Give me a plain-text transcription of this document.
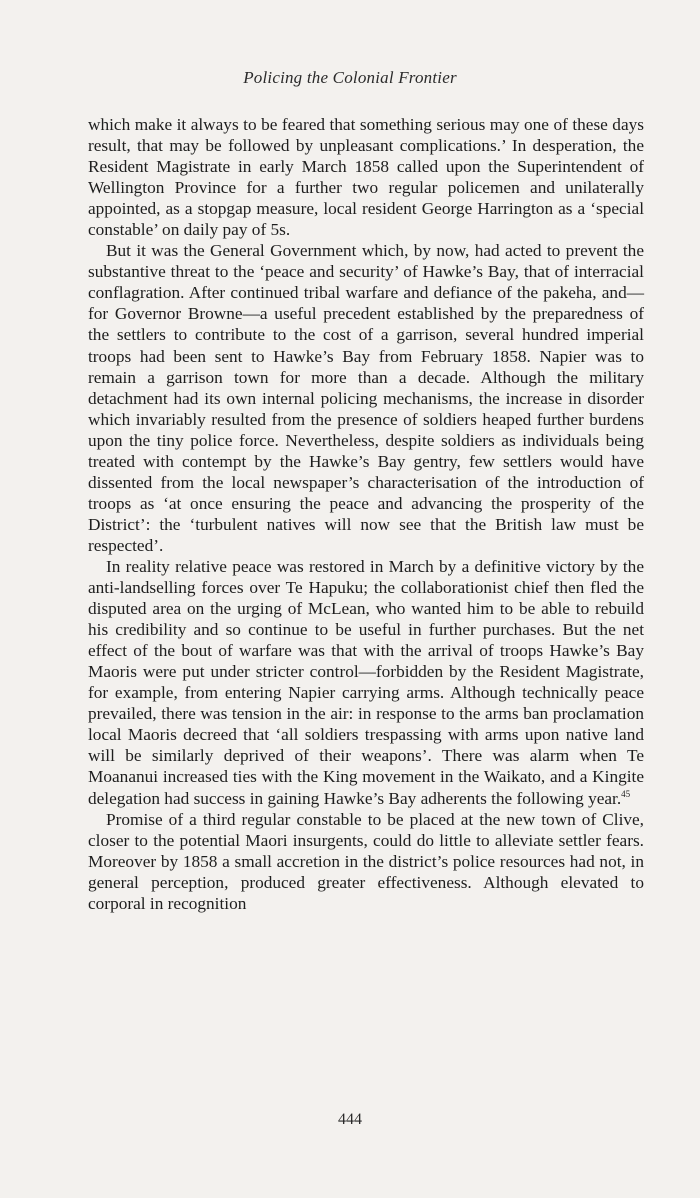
Policing the Colonial Frontier

which make it always to be feared that something serious may one of these days result, that may be followed by unpleasant complications.’ In desperation, the Resident Magistrate in early March 1858 called upon the Superintendent of Wellington Province for a further two regular policemen and unilaterally appointed, as a stopgap measure, local resident George Harrington as a ‘special constable’ on daily pay of 5s.

But it was the General Government which, by now, had acted to prevent the substantive threat to the ‘peace and security’ of Hawke’s Bay, that of interracial conflagration. After continued tribal warfare and defiance of the pakeha, and—for Governor Browne—a useful precedent established by the preparedness of the settlers to contribute to the cost of a garrison, several hundred imperial troops had been sent to Hawke’s Bay from February 1858. Napier was to remain a garrison town for more than a decade. Although the military detachment had its own internal policing mechanisms, the increase in disorder which invariably resulted from the presence of soldiers heaped further burdens upon the tiny police force. Nevertheless, despite soldiers as individuals being treated with contempt by the Hawke’s Bay gentry, few settlers would have dissented from the local newspaper’s characterisation of the introduction of troops as ‘at once ensuring the peace and advancing the prosperity of the District’: the ‘turbulent natives will now see that the British law must be respected’.

In reality relative peace was restored in March by a definitive victory by the anti-landselling forces over Te Hapuku; the collaborationist chief then fled the disputed area on the urging of McLean, who wanted him to be able to rebuild his credibility and so continue to be useful in further purchases. But the net effect of the bout of warfare was that with the arrival of troops Hawke’s Bay Maoris were put under stricter control—forbidden by the Resident Magistrate, for example, from entering Napier carrying arms. Although technically peace prevailed, there was tension in the air: in response to the arms ban proclamation local Maoris decreed that ‘all soldiers trespassing with arms upon native land will be similarly deprived of their weapons’. There was alarm when Te Moananui increased ties with the King movement in the Waikato, and a Kingite delegation had success in gaining Hawke’s Bay adherents the following year.$^{45}$

Promise of a third regular constable to be placed at the new town of Clive, closer to the potential Maori insurgents, could do little to alleviate settler fears. Moreover by 1858 a small accretion in the district’s police resources had not, in general perception, produced greater effectiveness. Although elevated to corporal in recognition

444
